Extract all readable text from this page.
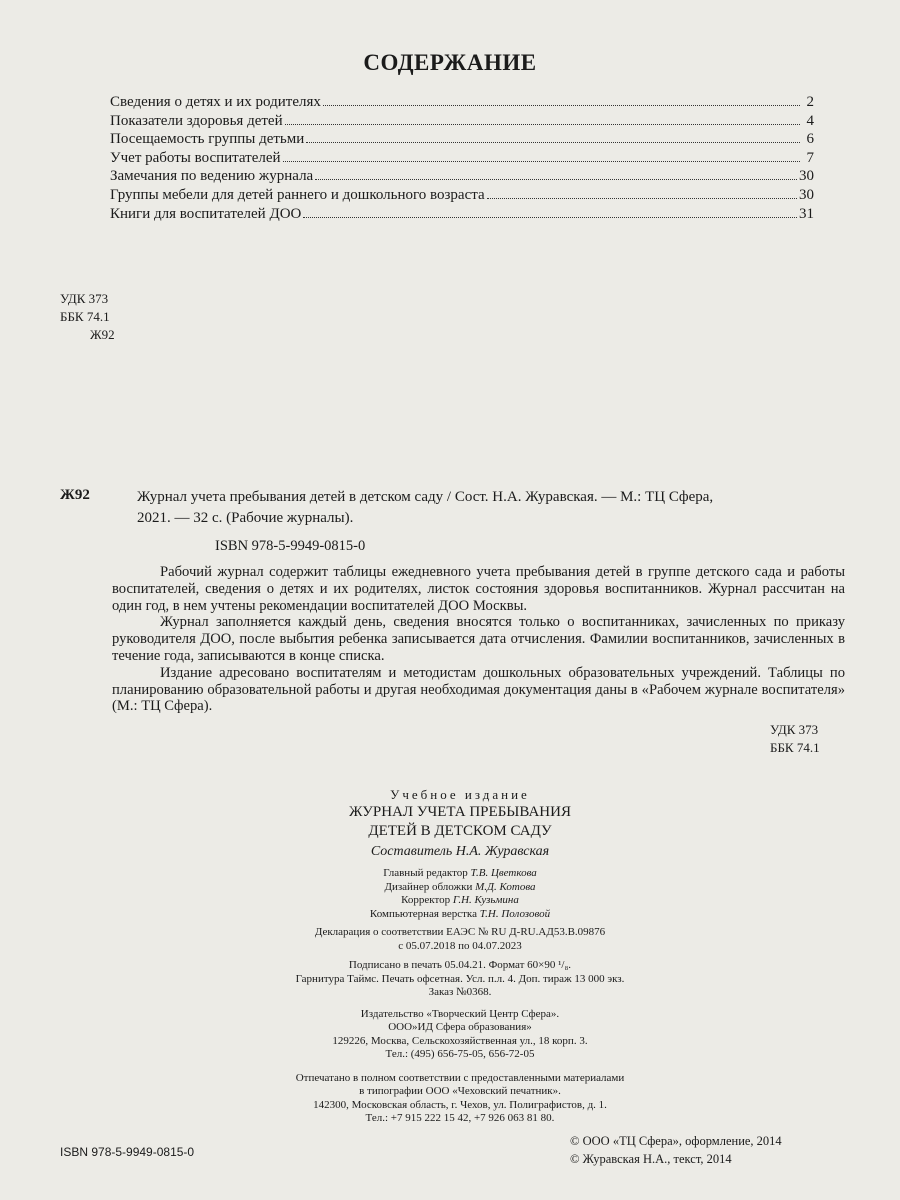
СОДЕРЖАНИЕ
Сведения о детях и их родителях	2
Показатели здоровья детей	4
Посещаемость группы детьми	6
Учет работы воспитателей	7
Замечания по ведению журнала	30
Группы мебели для детей раннего и дошкольного возраста	30
Книги для воспитателей ДОО	31
УДК 373
ББК 74.1
Ж92
Ж92	Журнал учета пребывания детей в детском саду / Сост. Н.А. Журавская. — М.: ТЦ Сфера,
2021. — 32 с. (Рабочие журналы).
ISBN 978-5-9949-0815-0

Рабочий журнал содержит таблицы ежедневного учета пребывания детей в группе детского сада и работы воспитателей, сведения о детях и их родителях, листок состояния здоровья воспитанников. Журнал рассчитан на один год, в нем учтены рекомендации воспитателей ДОО Москвы.

Журнал заполняется каждый день, сведения вносятся только о воспитанниках, зачисленных по приказу руководителя ДОО, после выбытия ребенка записывается дата отчисления. Фамилии воспитанников, зачисленных в течение года, записываются в конце списка.

Издание адресовано воспитателям и методистам дошкольных образовательных учреждений. Таблицы по планированию образовательной работы и другая необходимая документация даны в «Рабочем журнале воспитателя» (М.: ТЦ Сфера).

УДК 373
ББК 74.1
Учебное издание
ЖУРНАЛ УЧЕТА ПРЕБЫВАНИЯ
ДЕТЕЙ В ДЕТСКОМ САДУ
Составитель Н.А. Журавская
Главный редактор Т.В. Цветкова
Дизайнер обложки М.Д. Котова
Корректор Г.Н. Кузьмина
Компьютерная верстка Т.Н. Полозовой
Декларация о соответствии ЕАЭС № RU Д-RU.АД53.В.09876
с 05.07.2018 по 04.07.2023
Подписано в печать 05.04.21. Формат 60×90 ¹/₈.
Гарнитура Таймс. Печать офсетная. Усл. п.л. 4. Доп. тираж 13 000 экз.
Заказ №0368.
Издательство «Творческий Центр Сфера».
ООО»ИД Сфера образования»
129226, Москва, Сельскохозяйственная ул., 18 корп. 3.
Тел.: (495) 656-75-05, 656-72-05
Отпечатано в полном соответствии с предоставленными материалами
в типографии ООО «Чеховский печатник».
142300, Московская область, г. Чехов, ул. Полиграфистов, д. 1.
Тел.: +7 915 222 15 42, +7 926 063 81 80.
ISBN 978-5-9949-0815-0
© ООО «ТЦ Сфера», оформление, 2014
© Журавская Н.А., текст, 2014
